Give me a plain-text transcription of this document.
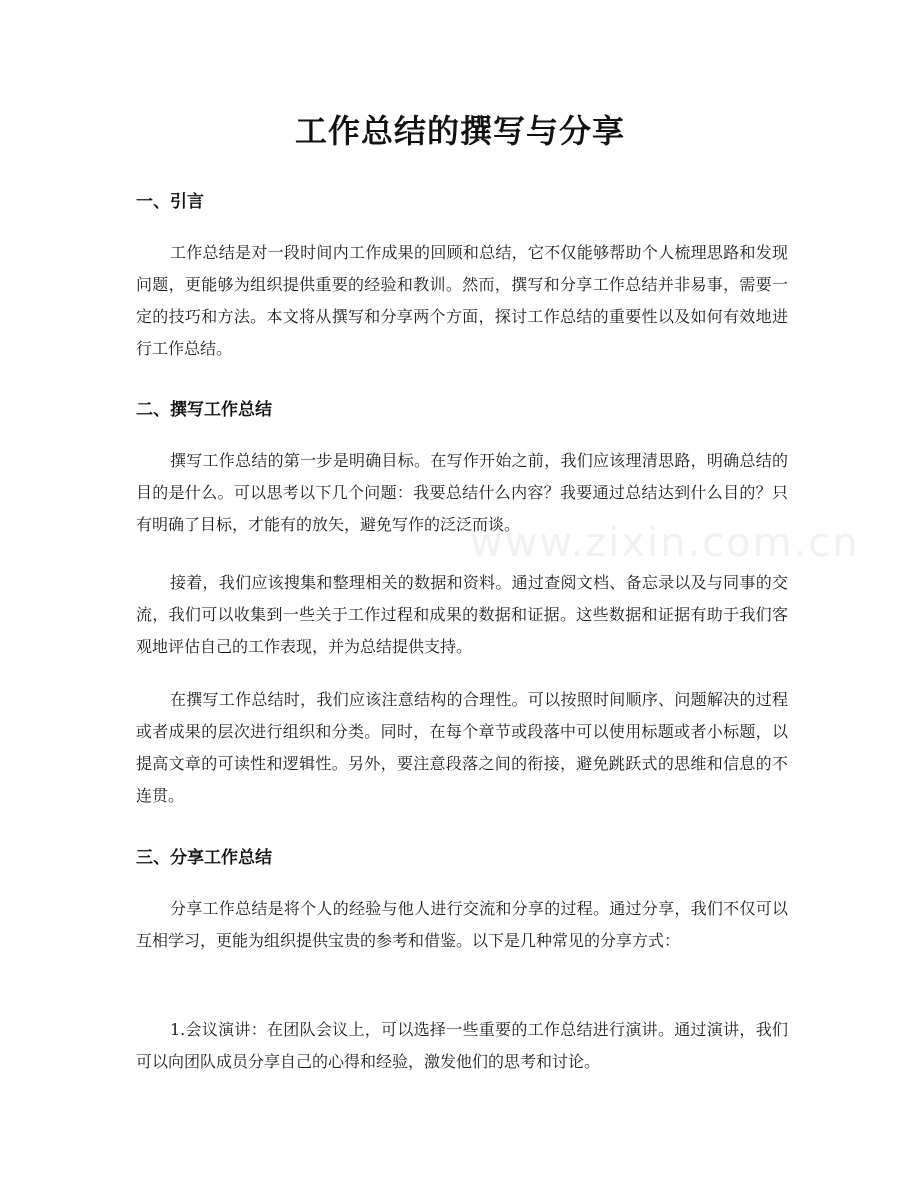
www.zixin.com.cn
工作总结的撰写与分享
一、引言

工作总结是对一段时间内工作成果的回顾和总结，它不仅能够帮助个人梳理思路和发现问题，更能够为组织提供重要的经验和教训。然而，撰写和分享工作总结并非易事，需要一定的技巧和方法。本文将从撰写和分享两个方面，探讨工作总结的重要性以及如何有效地进行工作总结。

二、撰写工作总结

撰写工作总结的第一步是明确目标。在写作开始之前，我们应该理清思路，明确总结的目的是什么。可以思考以下几个问题：我要总结什么内容？我要通过总结达到什么目的？只有明确了目标，才能有的放矢，避免写作的泛泛而谈。

接着，我们应该搜集和整理相关的数据和资料。通过查阅文档、备忘录以及与同事的交流，我们可以收集到一些关于工作过程和成果的数据和证据。这些数据和证据有助于我们客观地评估自己的工作表现，并为总结提供支持。

在撰写工作总结时，我们应该注意结构的合理性。可以按照时间顺序、问题解决的过程或者成果的层次进行组织和分类。同时，在每个章节或段落中可以使用标题或者小标题，以提高文章的可读性和逻辑性。另外，要注意段落之间的衔接，避免跳跃式的思维和信息的不连贯。

三、分享工作总结

分享工作总结是将个人的经验与他人进行交流和分享的过程。通过分享，我们不仅可以互相学习，更能为组织提供宝贵的参考和借鉴。以下是几种常见的分享方式：

1.会议演讲：在团队会议上，可以选择一些重要的工作总结进行演讲。通过演讲，我们可以向团队成员分享自己的心得和经验，激发他们的思考和讨论。
